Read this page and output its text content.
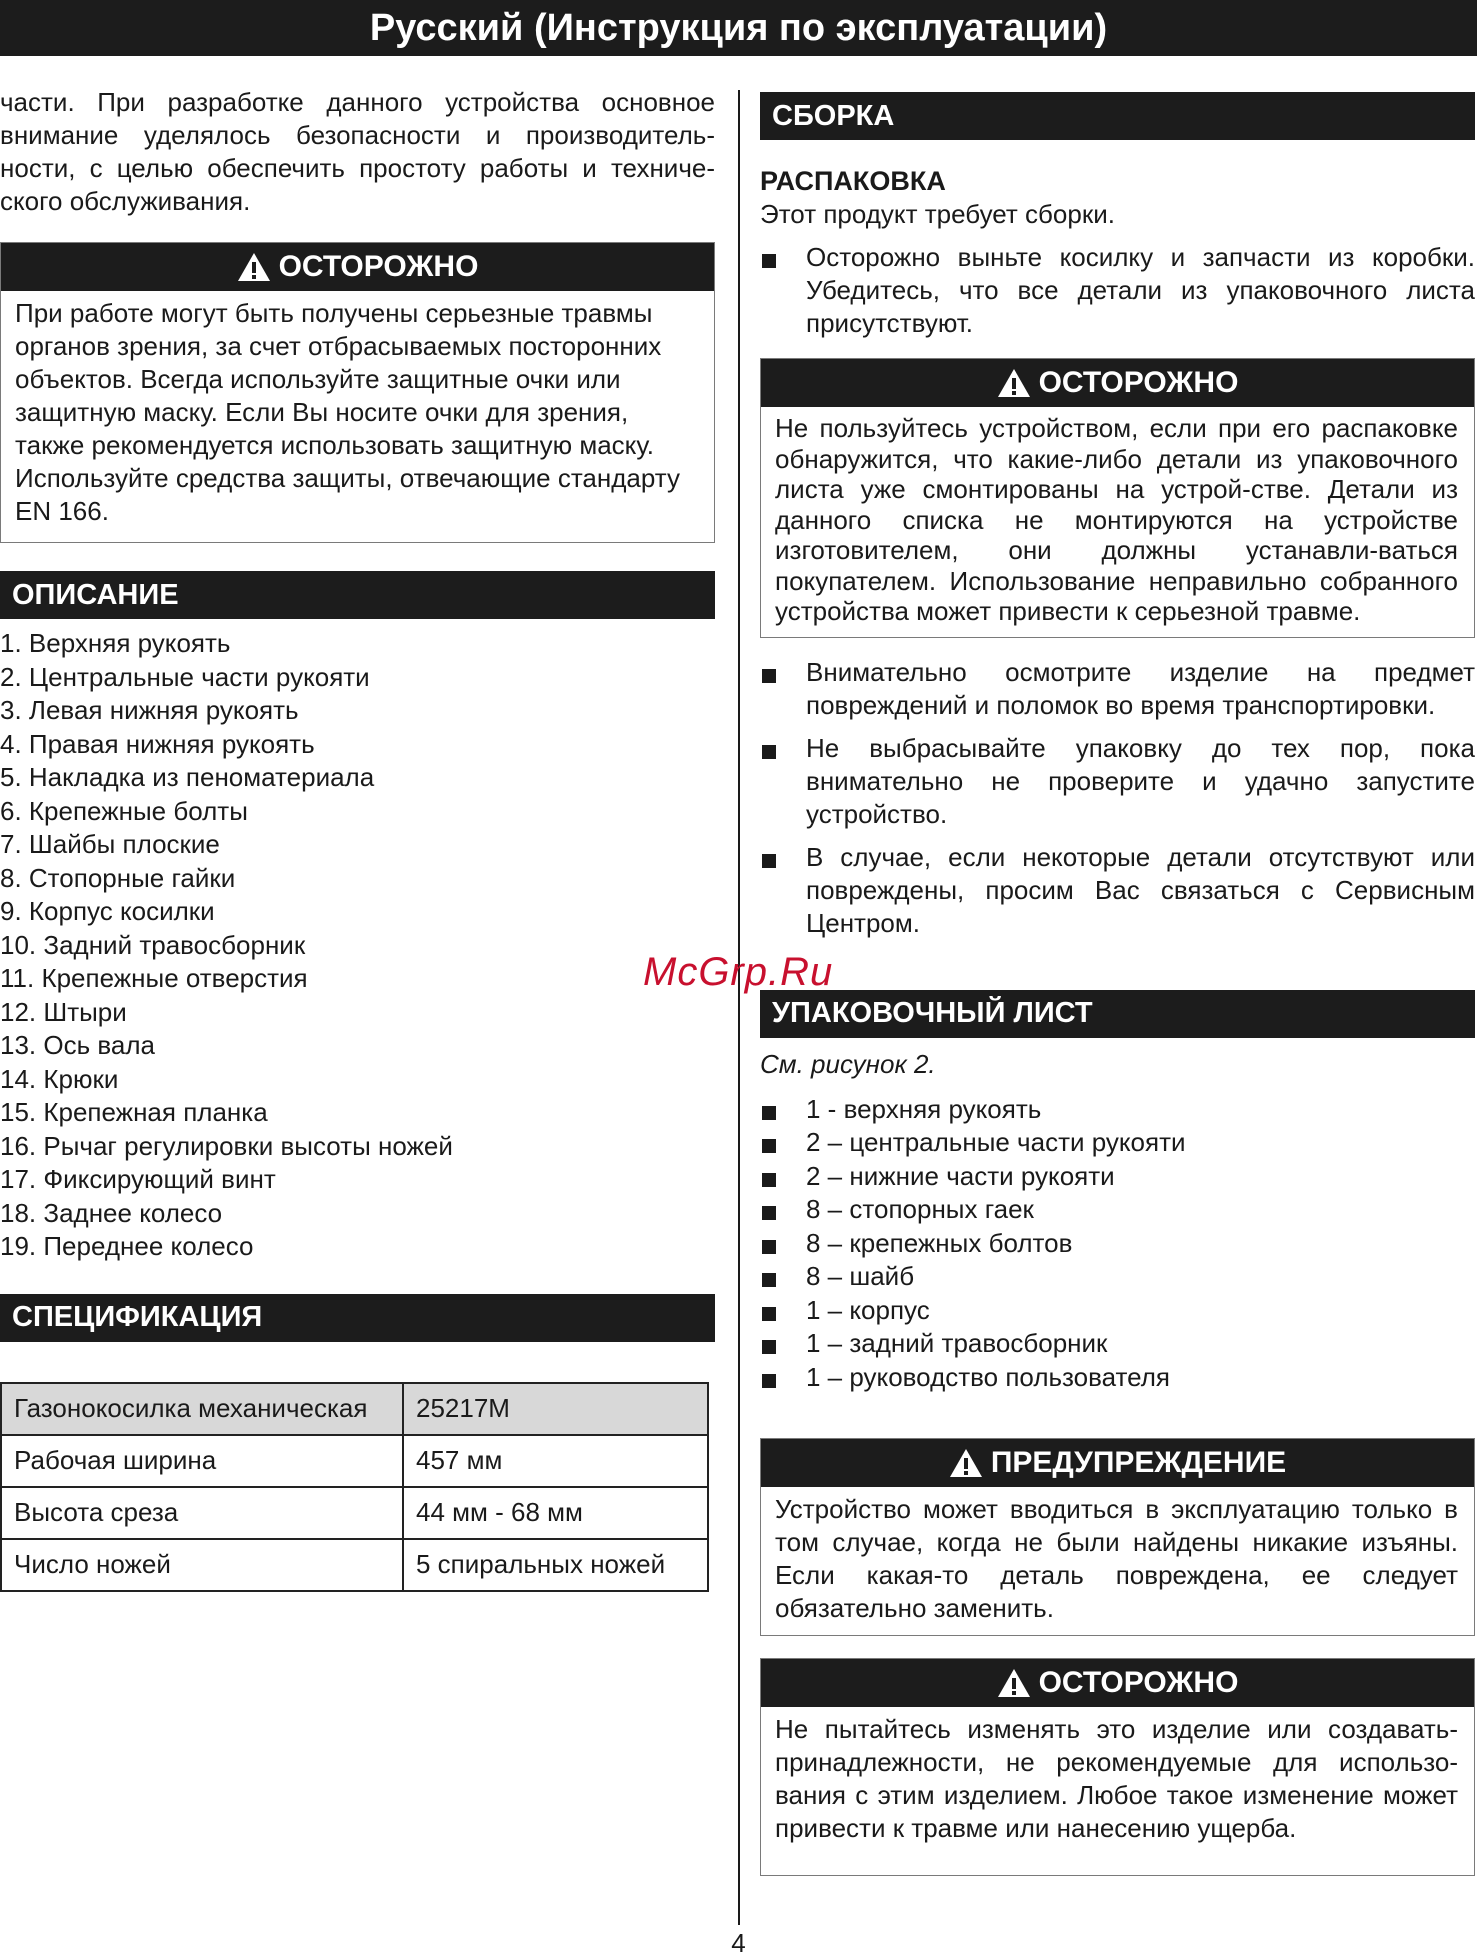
Русский (Инструкция по эксплуатации)

части. При разработке данного устройства основное внимание уделялось безопасности и производитель-ности, с целью обеспечить простоту работы и техниче-ского обслуживания.

ОСТОРОЖНО
При работе могут быть получены серьезные травмы органов зрения, за счет отбрасываемых посторонних объектов. Всегда используйте защитные очки или защитную маску. Если Вы носите очки для зрения, также рекомендуется использовать защитную маску. Используйте средства защиты, отвечающие стандарту EN 166.
ОПИСАНИЕ
1. Верхняя рукоять
2. Центральные части рукояти
3. Левая нижняя рукоять
4. Правая нижняя рукоять
5. Накладка из пеноматериала
6. Крепежные болты
7. Шайбы плоские
8. Стопорные гайки
9. Корпус косилки
10. Задний травосборник
11. Крепежные отверстия
12. Штыри
13. Ось вала
14. Крюки
15. Крепежная планка
16. Рычаг регулировки высоты ножей
17. Фиксирующий винт
18. Заднее колесо
19. Переднее колесо
СПЕЦИФИКАЦИЯ
Газонокосилка механическая	25217M
Рабочая ширина	457 мм
Высота среза	44 мм - 68 мм
Число ножей	5 спиральных ножей
СБОРКА
РАСПАКОВКА

Этот продукт требует сборки.

Осторожно выньте косилку и запчасти из коробки. Убедитесь, что все детали из упаковочного листа присутствуют.
ОСТОРОЖНО
Не пользуйтесь устройством, если при его распаковке обнаружится, что какие-либо детали из упаковочного листа уже смонтированы на устрой-стве. Детали из данного списка не монтируются на устройстве изготовителем, они должны устанавли-ваться покупателем. Использование неправильно собранного устройства может привести к серьезной травме.
Внимательно осмотрите изделие на предмет повреждений и поломок во время транспортировки.
Не выбрасывайте упаковку до тех пор, пока внимательно не проверите и удачно запустите устройство.
В случае, если некоторые детали отсутствуют или повреждены, просим Вас связаться с Сервисным Центром.
УПАКОВОЧНЫЙ ЛИСТ
См. рисунок 2.
1 - верхняя рукоять
2 – центральные части рукояти
2 – нижние части рукояти
8 – стопорных гаек
8 – крепежных болтов
8 – шайб
1 – корпус
1 – задний травосборник
1 – руководство пользователя
ПРЕДУПРЕЖДЕНИЕ
Устройство может вводиться в эксплуатацию только в том случае, когда не были найдены никакие изъяны. Если какая-то деталь повреждена, ее следует обязательно заменить.
ОСТОРОЖНО
Не пытайтесь изменять это изделие или создавать-принадлежности, не рекомендуемые для использо-вания с этим изделием. Любое такое изменение может привести к травме или нанесению ущерба.
McGrp.Ru
4
